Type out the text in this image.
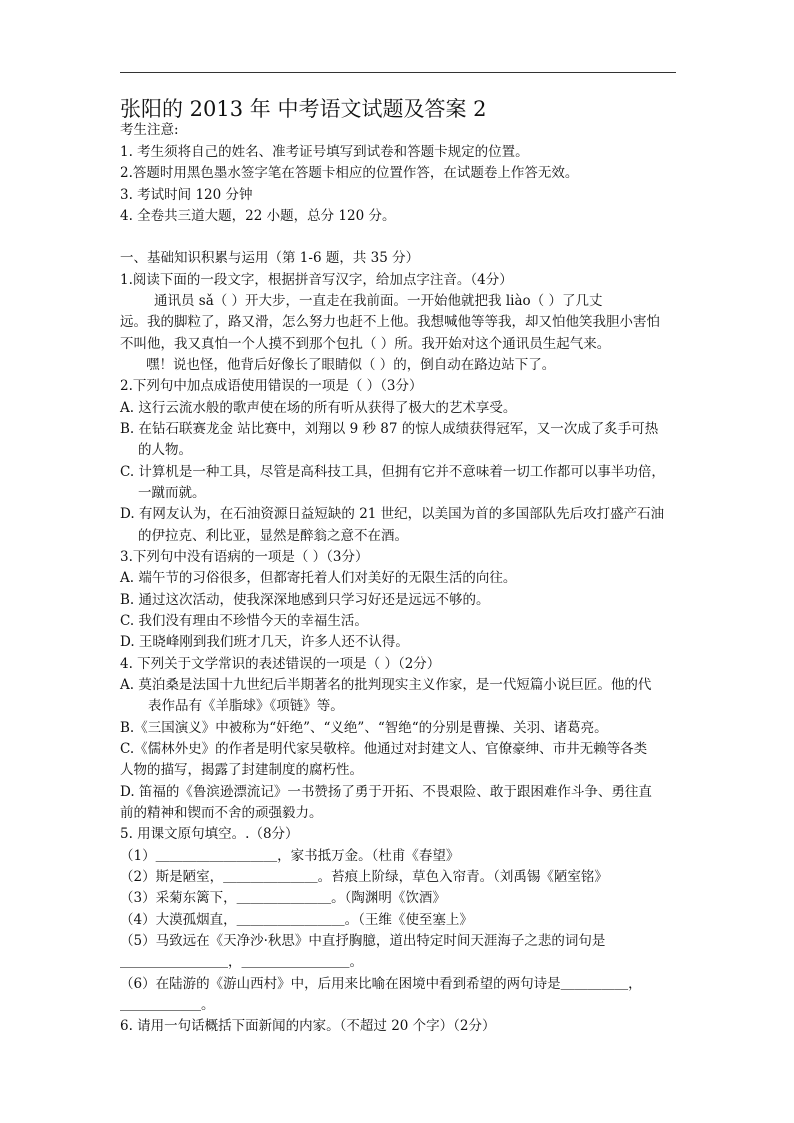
张阳的 2013 年 中考语文试题及答案 2
考生注意:
1. 考生须将自己的姓名、准考证号填写到试卷和答题卡规定的位置。
2.答题时用黑色墨水签字笔在答题卡相应的位置作答，在试题卷上作答无效。
3. 考试时间 120 分钟
4. 全卷共三道大题，22 小题，总分 120 分。
一、基础知识积累与运用（第 1-6 题，共 35 分）
1.阅读下面的一段文字，根据拼音写汉字，给加点字注音。（4分）
通讯员 sǎ（ ）开大步，一直走在我前面。一开始他就把我 liào（ ）了几丈
远。我的脚粒了，路又滑，怎么努力也赶不上他。我想喊他等等我，却又怕他笑我胆小害怕
不叫他，我又真怕一个人摸不到那个包扎（ ）所。我开始对这个通讯员生起气来。
嘿！说也怪，他背后好像长了眼睛似（ ）的，倒自动在路边站下了。
2.下列句中加点成语使用错误的一项是（ ）（3分）
A. 这行云流水般的歌声使在场的所有听从获得了极大的艺术享受。
B. 在钻石联赛龙金 站比赛中，刘翔以 9 秒 87 的惊人成绩获得冠军，又一次成了炙手可热
的人物。
C. 计算机是一种工具，尽管是高科技工具，但拥有它并不意味着一切工作都可以事半功倍，
一蹴而就。
D. 有网友认为，在石油资源日益短缺的 21 世纪，以美国为首的多国部队先后攻打盛产石油
的伊拉克、利比亚，显然是醉翁之意不在酒。
3.下列句中没有语病的一项是（ ）（3分）
A. 端午节的习俗很多，但都寄托着人们对美好的无限生活的向往。
B. 通过这次活动，使我深深地感到只学习好还是远远不够的。
C. 我们没有理由不珍惜今天的幸福生活。
D. 王晓峰刚到我们班才几天，许多人还不认得。
4. 下列关于文学常识的表述错误的一项是（ ）（2分）
A. 莫泊桑是法国十九世纪后半期著名的批判现实主义作家，是一代短篇小说巨匠。他的代
表作品有《羊脂球》《项链》等。
B.《三国演义》中被称为“奸绝”、“义绝”、“智绝“的分别是曹操、关羽、诸葛亮。
C.《儒林外史》的作者是明代家吴敬梓。他通过对封建文人、官僚豪绅、市井无赖等各类
人物的描写，揭露了封建制度的腐朽性。
D. 笛福的《鲁滨逊漂流记》一书赞扬了勇于开拓、不畏艰险、敢于跟困难作斗争、勇往直
前的精神和锲而不舍的顽强毅力。
5. 用课文原句填空。.（8分）
（1）＿＿＿＿＿＿＿＿＿，家书抵万金。（杜甫《春望》
（2）斯是陋室，＿＿＿＿＿＿＿。苔痕上阶绿，草色入帘青。（刘禹锡《陋室铭》
（3）采菊东篱下，＿＿＿＿＿＿＿。（陶渊明《饮酒》
（4）大漠孤烟直，＿＿＿＿＿＿＿＿。（王维《使至塞上》
（5）马致远在《天净沙·秋思》中直抒胸臆，道出特定时间天涯海子之悲的词句是
＿＿＿＿＿＿＿＿，＿＿＿＿＿＿＿＿。
（6）在陆游的《游山西村》中，后用来比喻在困境中看到希望的两句诗是＿＿＿＿＿，
＿＿＿＿＿＿。
6. 请用一句话概括下面新闻的内家。（不超过 20 个字）（2分）
